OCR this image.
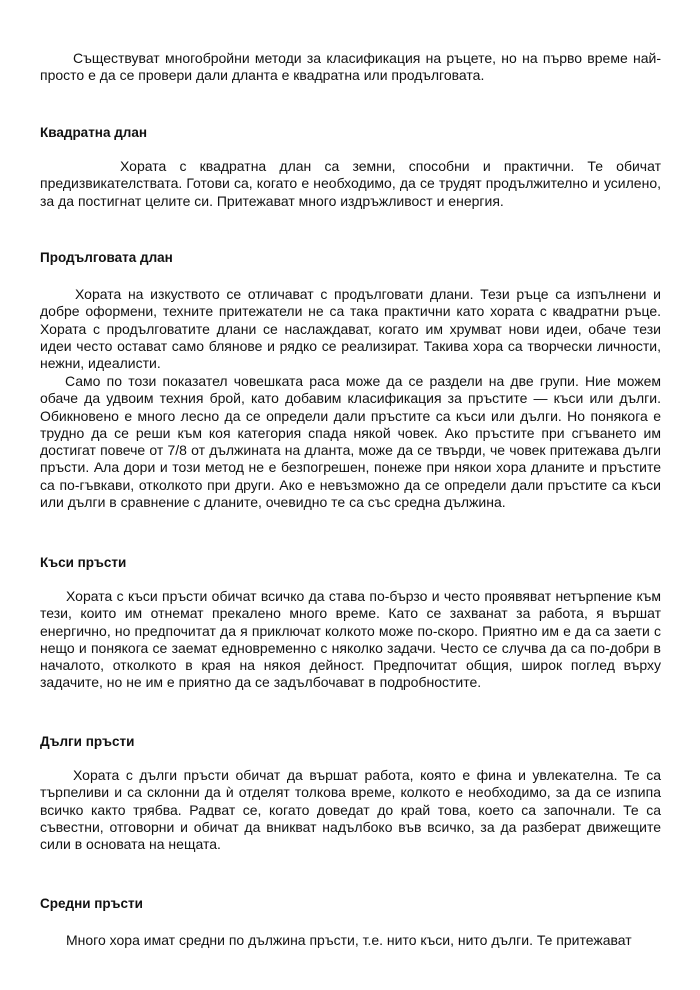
Съществуват многобройни методи за класификация на ръцете, но на първо време най-просто е да се провери дали дланта е квадратна или продълговата.

Квадратна длан

Хората с квадратна длан са земни, способни и практични. Те обичат предизвикателствата. Готови са, когато е необходимо, да се трудят продължително и усилено, за да постигнат целите си. Притежават много издръжливост и енергия.

Продълговата длан

Хората на изкуството се отличават с продълговати длани. Тези ръце са изпълнени и добре оформени, техните притежатели не са така практични като хората с квадратни ръце. Хората с продълговатите длани се наслаждават, когато им хрумват нови идеи, обаче тези идеи често остават само блянове и рядко се реализират. Такива хора са творчески личности, нежни, идеалисти.

Само по този показател човешката раса може да се раздели на две групи. Ние можем обаче да удвоим техния брой, като добавим класификация за пръстите — къси или дълги. Обикновено е много лесно да се определи дали пръстите са къси или дълги. Но понякога е трудно да се реши към коя категория спада някой човек. Ако пръстите при сгъването им достигат повече от 7/8 от дължината на дланта, може да се твърди, че човек притежава дълги пръсти. Ала дори и този метод не е безпогрешен, понеже при някои хора дланите и пръстите са по-гъвкави, отколкото при други. Ако е невъзможно да се определи дали пръстите са къси или дълги в сравнение с дланите, очевидно те са със средна дължина.

Къси пръсти

Хората с къси пръсти обичат всичко да става по-бързо и често проявяват нетърпение към тези, които им отнемат прекалено много време. Като се захванат за работа, я вършат енергично, но предпочитат да я приключат колкото може по-скоро. Приятно им е да са заети с нещо и понякога се заемат едновременно с няколко задачи. Често се случва да са по-добри в началото, отколкото в края на някоя дейност. Предпочитат общия, широк поглед върху задачите, но не им е приятно да се задълбочават в подробностите.

Дълги пръсти

Хората с дълги пръсти обичат да вършат работа, която е фина и увлекателна. Те са търпеливи и са склонни да ѝ отделят толкова време, колкото е необходимо, за да се изпипа всичко както трябва. Радват се, когато доведат до край това, което са започнали. Те са съвестни, отговорни и обичат да вникват надълбоко във всичко, за да разберат движещите сили в основата на нещата.

Средни пръсти

Много хора имат средни по дължина пръсти, т.е. нито къси, нито дълги. Те притежават
